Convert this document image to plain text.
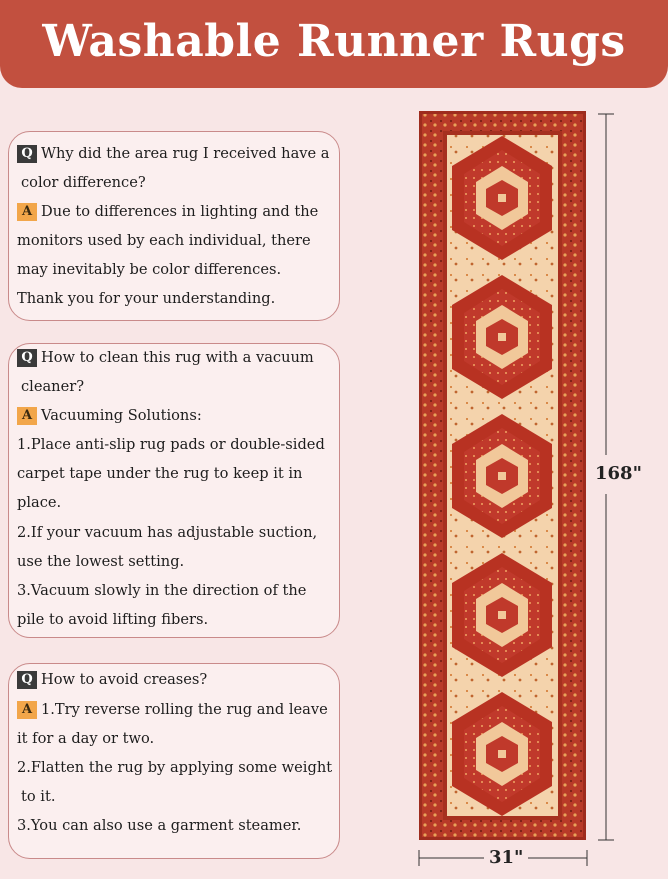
Washable Runner Rugs
Q Why did the area rug I received have a
color difference?
A Due to differences in lighting and the
monitors used by each individual, there
may inevitably be color differences.
Thank you for your understanding.
Q How to clean this rug with a vacuum
cleaner?
A Vacuuming Solutions:
1.Place anti-slip rug pads or double-sided
carpet tape under the rug to keep it in
place.
2.If your vacuum has adjustable suction,
use the lowest setting.
3.Vacuum slowly in the direction of the
pile to avoid lifting fibers.
Q How to avoid creases?
A 1.Try reverse rolling the rug and leave
it for a day or two.
2.Flatten the rug by applying some weight
to it.
3.You can also use a garment steamer.
168"
31"
